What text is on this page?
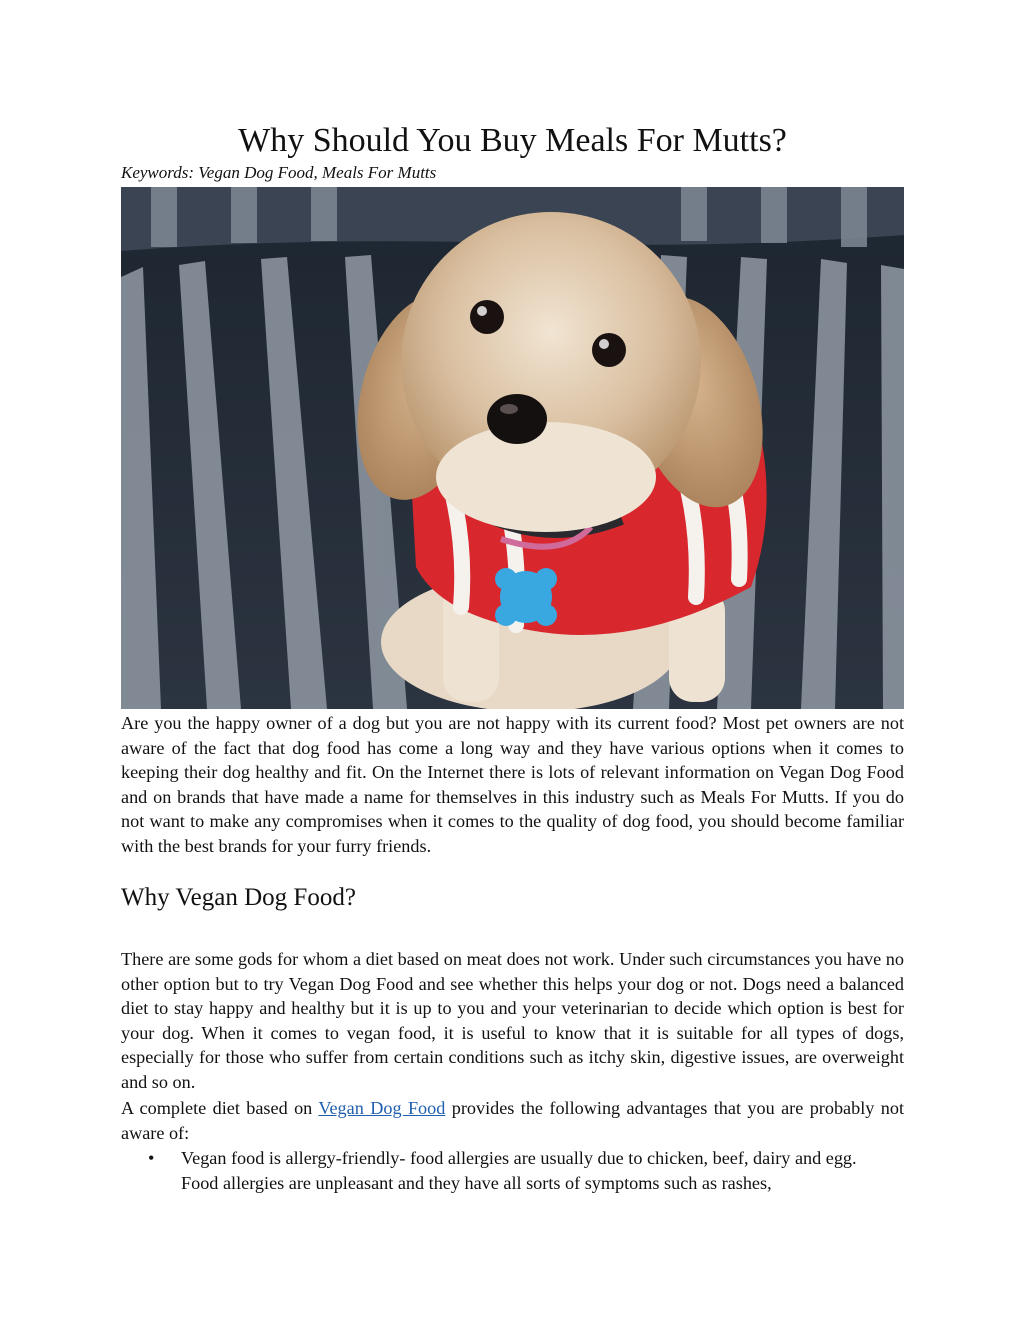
Why Should You Buy Meals For Mutts?

Keywords: Vegan Dog Food, Meals For Mutts

Are you the happy owner of a dog but you are not happy with its current food? Most pet owners are not aware of the fact that dog food has come a long way and they have various options when it comes to keeping their dog healthy and fit. On the Internet there is lots of relevant information on Vegan Dog Food and on brands that have made a name for themselves in this industry such as Meals For Mutts. If you do not want to make any compromises when it comes to the quality of dog food, you should become familiar with the best brands for your furry friends.

Why Vegan Dog Food?

There are some gods for whom a diet based on meat does not work. Under such circumstances you have no other option but to try Vegan Dog Food and see whether this helps your dog or not. Dogs need a balanced diet to stay happy and healthy but it is up to you and your veterinarian to decide which option is best for your dog. When it comes to vegan food, it is useful to know that it is suitable for all types of dogs, especially for those who suffer from certain conditions such as itchy skin, digestive issues, are overweight and so on.

A complete diet based on Vegan Dog Food provides the following advantages that you are probably not aware of:

• Vegan food is allergy-friendly- food allergies are usually due to chicken, beef, dairy and egg. Food allergies are unpleasant and they have all sorts of symptoms such as rashes,
